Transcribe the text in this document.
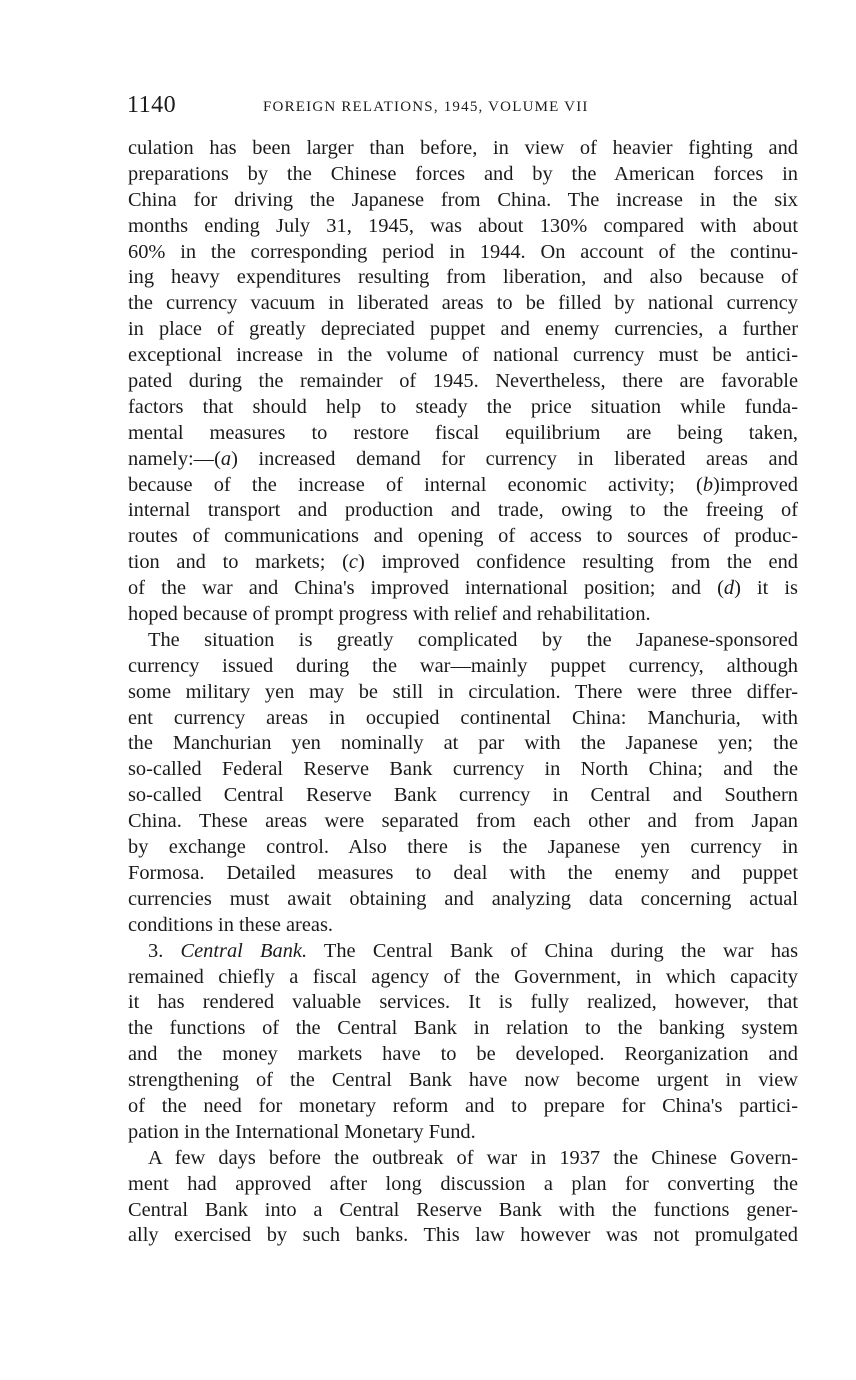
1140	FOREIGN RELATIONS, 1945, VOLUME VII
culation has been larger than before, in view of heavier fighting and
preparations by the Chinese forces and by the American forces in
China for driving the Japanese from China. The increase in the six
months ending July 31, 1945, was about 130% compared with about
60% in the corresponding period in 1944. On account of the continu-
ing heavy expenditures resulting from liberation, and also because of
the currency vacuum in liberated areas to be filled by national currency
in place of greatly depreciated puppet and enemy currencies, a further
exceptional increase in the volume of national currency must be antici-
pated during the remainder of 1945. Nevertheless, there are favorable
factors that should help to steady the price situation while funda-
mental measures to restore fiscal equilibrium are being taken,
namely:—(a) increased demand for currency in liberated areas and
because of the increase of internal economic activity; (b)improved
internal transport and production and trade, owing to the freeing of
routes of communications and opening of access to sources of produc-
tion and to markets; (c) improved confidence resulting from the end
of the war and China's improved international position; and (d) it is
hoped because of prompt progress with relief and rehabilitation.
The situation is greatly complicated by the Japanese-sponsored
currency issued during the war—mainly puppet currency, although
some military yen may be still in circulation. There were three differ-
ent currency areas in occupied continental China: Manchuria, with
the Manchurian yen nominally at par with the Japanese yen; the
so-called Federal Reserve Bank currency in North China; and the
so-called Central Reserve Bank currency in Central and Southern
China. These areas were separated from each other and from Japan
by exchange control. Also there is the Japanese yen currency in
Formosa. Detailed measures to deal with the enemy and puppet
currencies must await obtaining and analyzing data concerning actual
conditions in these areas.
3. Central Bank. The Central Bank of China during the war has
remained chiefly a fiscal agency of the Government, in which capacity
it has rendered valuable services. It is fully realized, however, that
the functions of the Central Bank in relation to the banking system
and the money markets have to be developed. Reorganization and
strengthening of the Central Bank have now become urgent in view
of the need for monetary reform and to prepare for China's partici-
pation in the International Monetary Fund.
A few days before the outbreak of war in 1937 the Chinese Govern-
ment had approved after long discussion a plan for converting the
Central Bank into a Central Reserve Bank with the functions gener-
ally exercised by such banks. This law however was not promulgated
